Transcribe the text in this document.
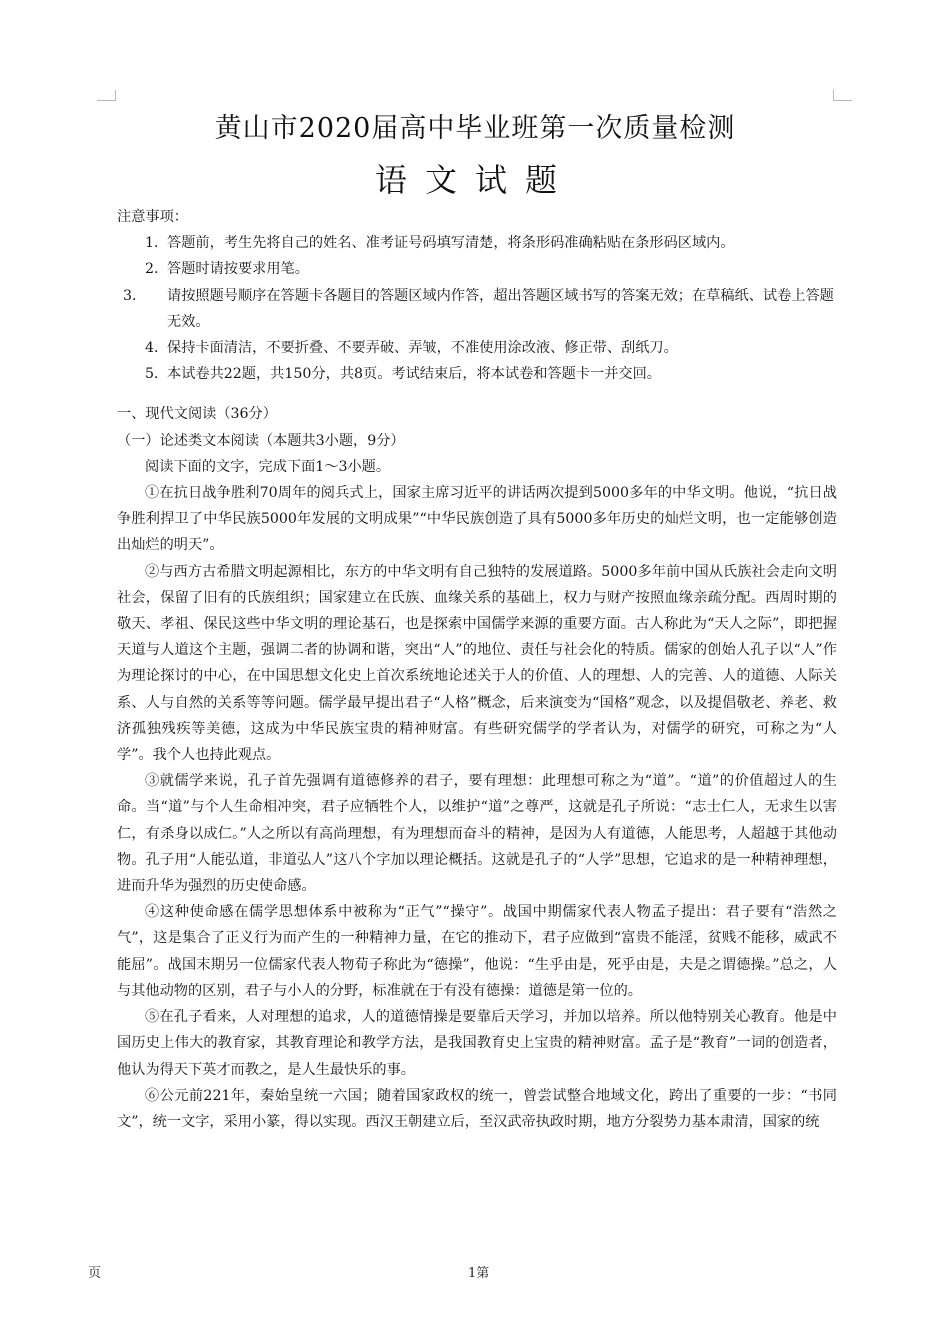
黄山市2020届高中毕业班第一次质量检测
语文试题

注意事项：

1．答题前，考生先将自己的姓名、准考证号码填写清楚，将条形码准确粘贴在条形码区域内。

2．答题时请按要求用笔。

3． 请按照题号顺序在答题卡各题目的答题区域内作答，超出答题区域书写的答案无效；在草稿纸、试卷上答题无效。

4．保持卡面清洁，不要折叠、不要弄破、弄皱，不准使用涂改液、修正带、刮纸刀。

5．本试卷共22题，共150分，共8页。考试结束后，将本试卷和答题卡一并交回。

一、现代文阅读（36分）

（一）论述类文本阅读（本题共3小题，9分）

阅读下面的文字，完成下面1～3小题。

①在抗日战争胜利70周年的阅兵式上，国家主席习近平的讲话两次提到5000多年的中华文明。他说，“抗日战争胜利捍卫了中华民族5000年发展的文明成果”“中华民族创造了具有5000多年历史的灿烂文明，也一定能够创造出灿烂的明天”。

②与西方古希腊文明起源相比，东方的中华文明有自己独特的发展道路。5000多年前中国从氏族社会走向文明社会，保留了旧有的氏族组织；国家建立在氏族、血缘关系的基础上，权力与财产按照血缘亲疏分配。西周时期的敬天、孝祖、保民这些中华文明的理论基石，也是探索中国儒学来源的重要方面。古人称此为“天人之际”，即把握天道与人道这个主题，强调二者的协调和谐，突出“人”的地位、责任与社会化的特质。儒家的创始人孔子以“人”作为理论探讨的中心，在中国思想文化史上首次系统地论述关于人的价值、人的理想、人的完善、人的道德、人际关系、人与自然的关系等等问题。儒学最早提出君子“人格”概念，后来演变为“国格”观念，以及提倡敬老、养老、救济孤独残疾等美德，这成为中华民族宝贵的精神财富。有些研究儒学的学者认为，对儒学的研究，可称之为“人学”。我个人也持此观点。

③就儒学来说，孔子首先强调有道德修养的君子，要有理想：此理想可称之为“道”。“道”的价值超过人的生命。当“道”与个人生命相冲突，君子应牺牲个人，以维护“道”之尊严，这就是孔子所说：“志士仁人，无求生以害仁，有杀身以成仁。”人之所以有高尚理想，有为理想而奋斗的精神，是因为人有道德，人能思考，人超越于其他动物。孔子用“人能弘道，非道弘人”这八个字加以理论概括。这就是孔子的“人学”思想，它追求的是一种精神理想，进而升华为强烈的历史使命感。

④这种使命感在儒学思想体系中被称为“正气”“操守”。战国中期儒家代表人物孟子提出：君子要有“浩然之气”，这是集合了正义行为而产生的一种精神力量，在它的推动下，君子应做到“富贵不能淫，贫贱不能移，威武不能屈”。战国末期另一位儒家代表人物荀子称此为“德操”，他说：“生乎由是，死乎由是，夫是之谓德操。”总之，人与其他动物的区别，君子与小人的分野，标准就在于有没有德操：道德是第一位的。

⑤在孔子看来，人对理想的追求，人的道德情操是要靠后天学习，并加以培养。所以他特别关心教育。他是中国历史上伟大的教育家，其教育理论和教学方法，是我国教育史上宝贵的精神财富。孟子是“教育”一词的创造者，他认为得天下英才而教之，是人生最快乐的事。

⑥公元前221年，秦始皇统一六国；随着国家政权的统一，曾尝试整合地域文化，跨出了重要的一步：“书同文”，统一文字，采用小篆，得以实现。西汉王朝建立后，至汉武帝执政时期，地方分裂势力基本肃清，国家的统

页	1第
